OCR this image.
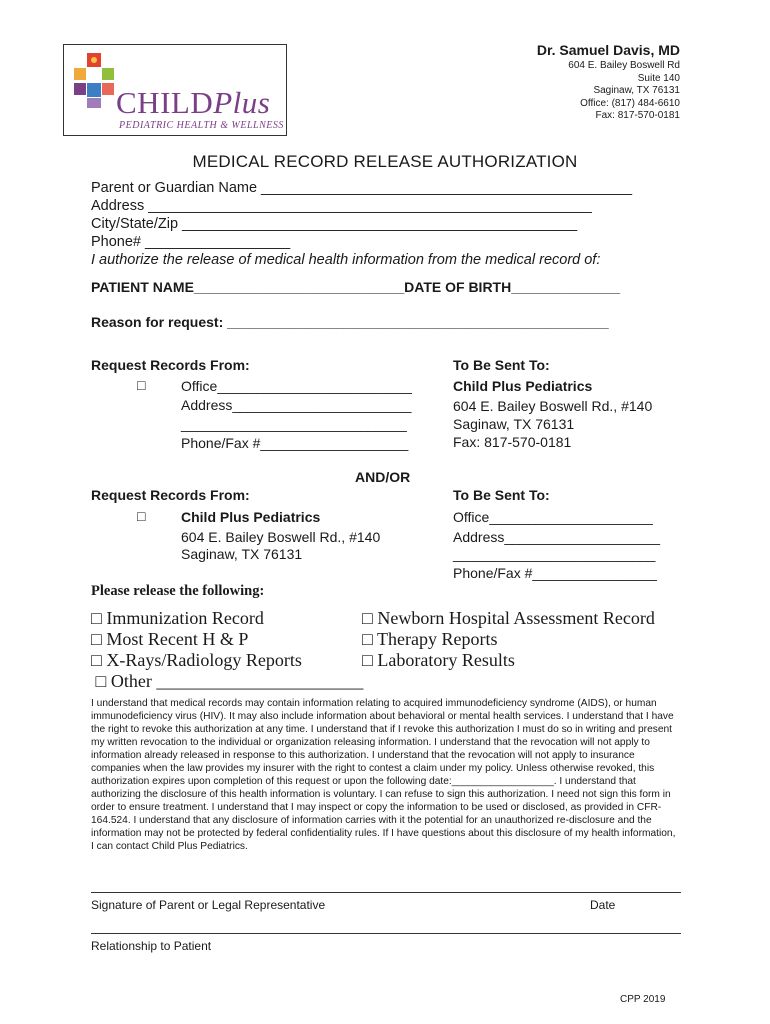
CHILDPlus
PEDIATRIC HEALTH & WELLNESS
Dr. Samuel Davis, MD
604 E. Bailey Boswell Rd
Suite 140
Saginaw, TX 76131
Office: (817) 484-6610
Fax: 817-570-0181
MEDICAL RECORD RELEASE AUTHORIZATION
Parent or Guardian Name ______________________________________________
Address _______________________________________________________
City/State/Zip _________________________________________________
Phone# __________________
I authorize the release of medical health information from the medical record of:
PATIENT NAME___________________________DATE OF BIRTH______________
Reason for request: _________________________________________________
Request Records From:
□	Office_________________________
Address_______________________
_____________________________
Phone/Fax #___________________
To Be Sent To:
Child Plus Pediatrics
604 E. Bailey Boswell Rd., #140
Saginaw, TX 76131
Fax: 817-570-0181
AND/OR
Request Records From:
□	Child Plus Pediatrics
604 E. Bailey Boswell Rd., #140
Saginaw, TX 76131
To Be Sent To:
Office_____________________
Address____________________
__________________________
Phone/Fax #________________
Please release the following:
□ Immunization Record
□ Most Recent H & P
□ X-Rays/Radiology Reports
□ Other _______________________
□ Newborn Hospital Assessment Record
□ Therapy Reports
□ Laboratory Results
I understand that medical records may contain information relating to acquired immunodeficiency syndrome (AIDS), or human immunodeficiency virus (HIV). It may also include information about behavioral or mental health services. I understand that I have the right to revoke this authorization at any time. I understand that if I revoke this authorization I must do so in writing and present my written revocation to the individual or organization releasing information. I understand that the revocation will not apply to information already released in response to this authorization. I understand that the revocation will not apply to insurance companies when the law provides my insurer with the right to contest a claim under my policy. Unless otherwise revoked, this authorization expires upon completion of this request or upon the following date:__________________. I understand that authorizing the disclosure of this health information is voluntary. I can refuse to sign this authorization. I need not sign this form in order to ensure treatment. I understand that I may inspect or copy the information to be used or disclosed, as provided in CFR-164.524. I understand that any disclosure of information carries with it the potential for an unauthorized re-disclosure and the information may not be protected by federal confidentiality rules. If I have questions about this disclosure of my health information, I can contact Child Plus Pediatrics.
Signature of Parent or Legal Representative	Date
Relationship to Patient
CPP 2019
